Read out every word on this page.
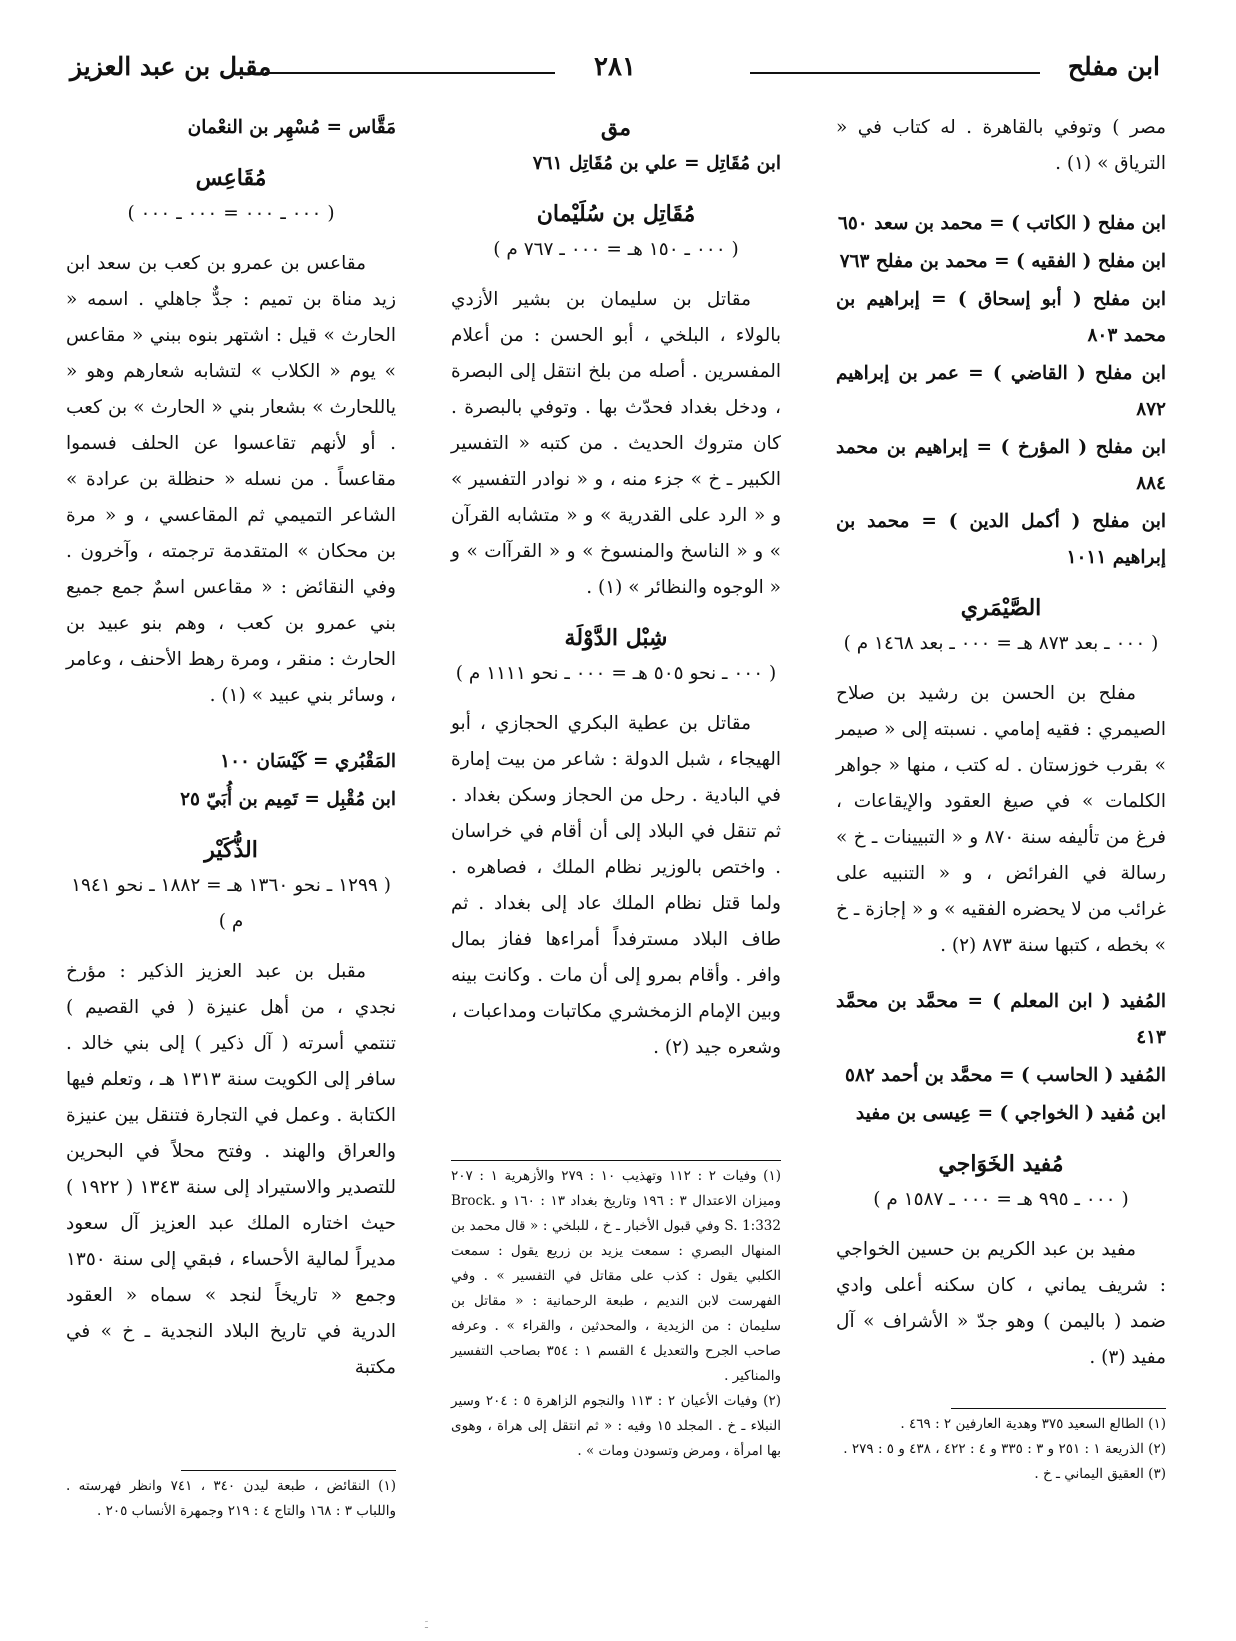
ابن مفلح
٢٨١
مقبل بن عبد العزيز

مصر ) وتوفي بالقاهرة . له كتاب في « الترياق » (١) .

ابن مفلح ( الكاتب ) = محمد بن سعد ٦٥٠

ابن مفلح ( الفقيه ) = محمد بن مفلح ٧٦٣

ابن مفلح ( أبو إسحاق ) = إبراهيم بن محمد ٨٠٣

ابن مفلح ( القاضي ) = عمر بن إبراهيم ٨٧٢

ابن مفلح ( المؤرخ ) = إبراهيم بن محمد ٨٨٤

ابن مفلح ( أكمل الدين ) = محمد بن إبراهيم ١٠١١

الصَّيْمَري
( ٠٠٠ ـ بعد ٨٧٣ هـ = ٠٠٠ ـ بعد ١٤٦٨ م )

مفلح بن الحسن بن رشيد بن صلاح الصيمري : فقيه إمامي . نسبته إلى « صيمر » بقرب خوزستان . له كتب ، منها « جواهر الكلمات » في صيغ العقود والإيقاعات ، فرغ من تأليفه سنة ٨٧٠ و « التبيينات ـ خ » رسالة في الفرائض ، و « التنبيه على غرائب من لا يحضره الفقيه » و « إجازة ـ خ » بخطه ، كتبها سنة ٨٧٣ (٢) .

المُفيد ( ابن المعلم ) = محمَّد بن محمَّد ٤١٣

المُفيد ( الحاسب ) = محمَّد بن أحمد ٥٨٢

ابن مُفيد ( الخواجي ) = عِيسى بن مفيد

مُفيد الخَوَاجي
( ٠٠٠ ـ ٩٩٥ هـ = ٠٠٠ ـ ١٥٨٧ م )

مفيد بن عبد الكريم بن حسين الخواجي : شريف يماني ، كان سكنه أعلى وادي ضمد ( باليمن ) وهو جدّ « الأشراف » آل مفيد (٣) .

(١) الطالع السعيد ٣٧٥ وهدية العارفين ٢ : ٤٦٩ .

(٢) الذريعة ١ : ٢٥١ و ٣ : ٣٣٥ و ٤ : ٤٢٢ ، ٤٣٨ و ٥ : ٢٧٩ .

(٣) العقيق اليماني ـ خ .

مق

ابن مُقَاتِل = علي بن مُقَاتِل ٧٦١

مُقَاتِل بن سُلَيْمان
( ٠٠٠ ـ ١٥٠ هـ = ٠٠٠ ـ ٧٦٧ م )

مقاتل بن سليمان بن بشير الأزدي بالولاء ، البلخي ، أبو الحسن : من أعلام المفسرين . أصله من بلخ انتقل إلى البصرة ، ودخل بغداد فحدّث بها . وتوفي بالبصرة . كان متروك الحديث . من كتبه « التفسير الكبير ـ خ » جزء منه ، و « نوادر التفسير » و « الرد على القدرية » و « متشابه القرآن » و « الناسخ والمنسوخ » و « القرآات » و « الوجوه والنظائر » (١) .

شِبْل الدَّوْلَة
( ٠٠٠ ـ نحو ٥٠٥ هـ = ٠٠٠ ـ نحو ١١١١ م )

مقاتل بن عطية البكري الحجازي ، أبو الهيجاء ، شبل الدولة : شاعر من بيت إمارة في البادية . رحل من الحجاز وسكن بغداد . ثم تنقل في البلاد إلى أن أقام في خراسان . واختص بالوزير نظام الملك ، فصاهره . ولما قتل نظام الملك عاد إلى بغداد . ثم طاف البلاد مسترفداً أمراءها ففاز بمال وافر . وأقام بمرو إلى أن مات . وكانت بينه وبين الإمام الزمخشري مكاتبات ومداعبات ، وشعره جيد (٢) .

(١) وفيات ٢ : ١١٢ وتهذيب ١٠ : ٢٧٩ والأزهرية ١ : ٢٠٧ وميزان الاعتدال ٣ : ١٩٦ وتاريخ بغداد ١٣ : ١٦٠ و Brock. S. 1:332 وفي قبول الأخبار ـ خ ، للبلخي : « قال محمد بن المنهال البصري : سمعت يزيد بن زريع يقول : سمعت الكلبي يقول : كذب على مقاتل في التفسير » . وفي الفهرست لابن النديم ، طبعة الرحمانية : « مقاتل بن سليمان : من الزيدية ، والمحدثين ، والقراء » . وعرفه صاحب الجرح والتعديل ٤ القسم ١ : ٣٥٤ بصاحب التفسير والمناكير .

(٢) وفيات الأعيان ٢ : ١١٣ والنجوم الزاهرة ٥ : ٢٠٤ وسير النبلاء ـ خ . المجلد ١٥ وفيه : « ثم انتقل إلى هراة ، وهوى بها امرأة ، ومرض وتسودن ومات » .

مَقَّاس = مُسْهِر بن النعْمان

مُقَاعِس
( ٠٠٠ ـ ٠٠٠ = ٠٠٠ ـ ٠٠٠ )

مقاعس بن عمرو بن كعب بن سعد ابن زيد مناة بن تميم : جدٌّ جاهلي . اسمه « الحارث » قيل : اشتهر بنوه ببني « مقاعس » يوم « الكلاب » لتشابه شعارهم وهو « ياللحارث » بشعار بني « الحارث » بن كعب . أو لأنهم تقاعسوا عن الحلف فسموا مقاعساً . من نسله « حنظلة بن عرادة » الشاعر التميمي ثم المقاعسي ، و « مرة بن محكان » المتقدمة ترجمته ، وآخرون . وفي النقائض : « مقاعس اسمٌ جمع جميع بني عمرو بن كعب ، وهم بنو عبيد بن الحارث : منقر ، ومرة رهط الأحنف ، وعامر ، وسائر بني عبيد » (١) .

المَقْبُري = كَيْسَان ١٠٠

ابن مُقْبِل = تَمِيم بن أُبَيّ ٢٥

الذُّكَيْر
( ١٢٩٩ ـ نحو ١٣٦٠ هـ = ١٨٨٢ ـ نحو ١٩٤١ م )

مقبل بن عبد العزيز الذكير : مؤرخ نجدي ، من أهل عنيزة ( في القصيم ) تنتمي أسرته ( آل ذكير ) إلى بني خالد . سافر إلى الكويت سنة ١٣١٣ هـ ، وتعلم فيها الكتابة . وعمل في التجارة فتنقل بين عنيزة والعراق والهند . وفتح محلاً في البحرين للتصدير والاستيراد إلى سنة ١٣٤٣ ( ١٩٢٢ ) حيث اختاره الملك عبد العزيز آل سعود مديراً لمالية الأحساء ، فبقي إلى سنة ١٣٥٠ وجمع « تاريخاً لنجد » سماه « العقود الدرية في تاريخ البلاد النجدية ـ خ » في مكتبة

(١) النقائض ، طبعة ليدن ٣٤٠ ، ٧٤١ وانظر فهرسته . واللباب ٣ : ١٦٨ والتاج ٤ : ٢١٩ وجمهرة الأنساب ٢٠٥ .

ـَ
